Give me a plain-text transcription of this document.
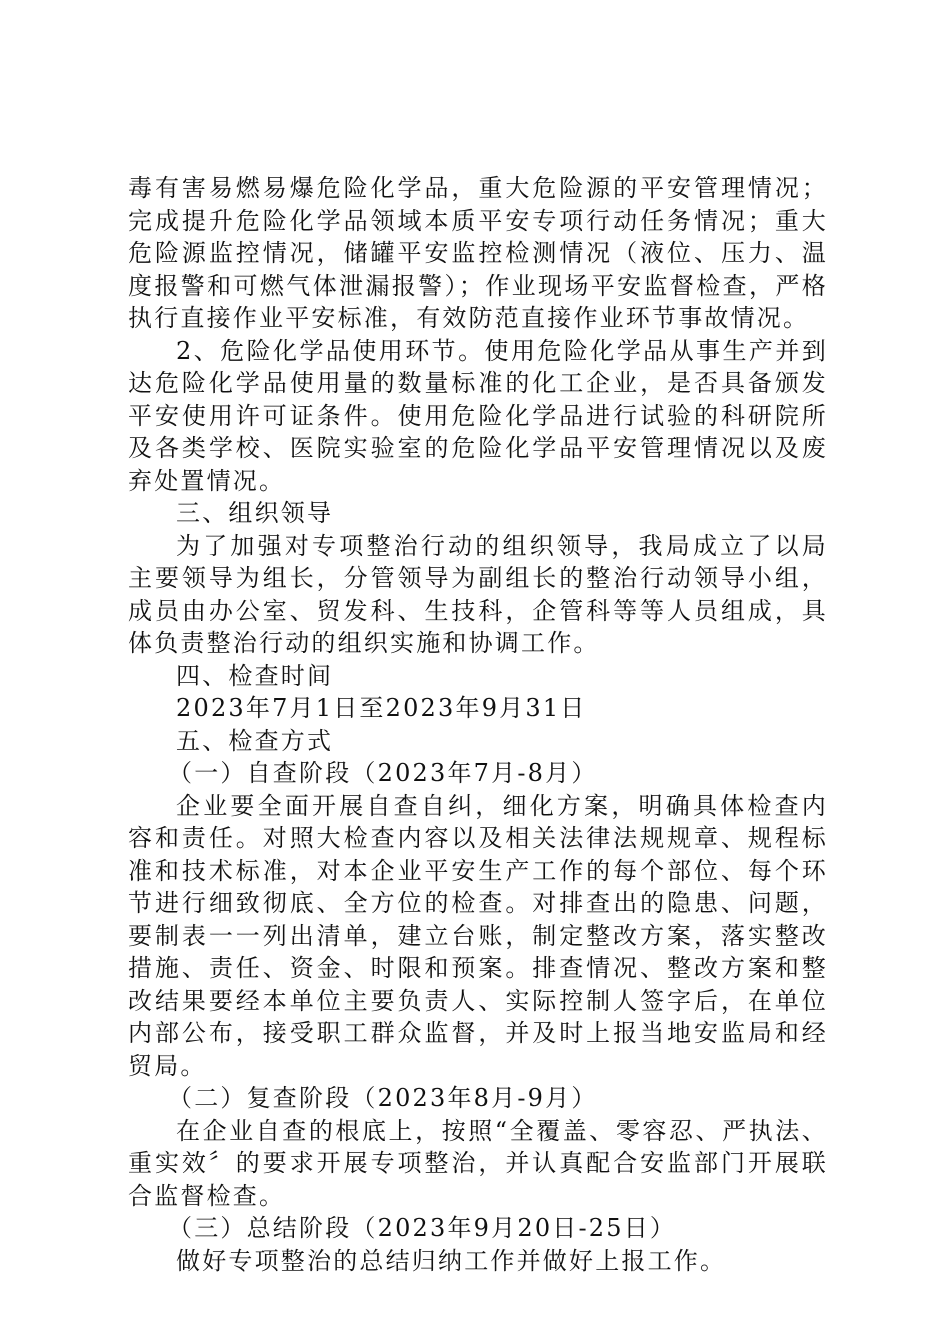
毒有害易燃易爆危险化学品，重大危险源的平安管理情况；完成提升危险化学品领域本质平安专项行动任务情况；重大危险源监控情况，储罐平安监控检测情况（液位、压力、温度报警和可燃气体泄漏报警）；作业现场平安监督检查，严格执行直接作业平安标准，有效防范直接作业环节事故情况。

2、危险化学品使用环节。使用危险化学品从事生产并到达危险化学品使用量的数量标准的化工企业，是否具备颁发平安使用许可证条件。使用危险化学品进行试验的科研院所及各类学校、医院实验室的危险化学品平安管理情况以及废弃处置情况。

三、组织领导

为了加强对专项整治行动的组织领导，我局成立了以局主要领导为组长，分管领导为副组长的整治行动领导小组，成员由办公室、贸发科、生技科，企管科等等人员组成，具体负责整治行动的组织实施和协调工作。

四、检查时间

2023年7月1日至2023年9月31日

五、检查方式

（一）自查阶段（2023年7月-8月）

企业要全面开展自查自纠，细化方案，明确具体检查内容和责任。对照大检查内容以及相关法律法规规章、规程标准和技术标准，对本企业平安生产工作的每个部位、每个环节进行细致彻底、全方位的检查。对排查出的隐患、问题，要制表一一列出清单，建立台账，制定整改方案，落实整改措施、责任、资金、时限和预案。排查情况、整改方案和整改结果要经本单位主要负责人、实际控制人签字后，在单位内部公布，接受职工群众监督，并及时上报当地安监局和经贸局。

（二）复查阶段（2023年8月-9月）

在企业自查的根底上，按照“全覆盖、零容忍、严执法、重实效〞的要求开展专项整治，并认真配合安监部门开展联合监督检查。

（三）总结阶段（2023年9月20日-25日）

做好专项整治的总结归纳工作并做好上报工作。
